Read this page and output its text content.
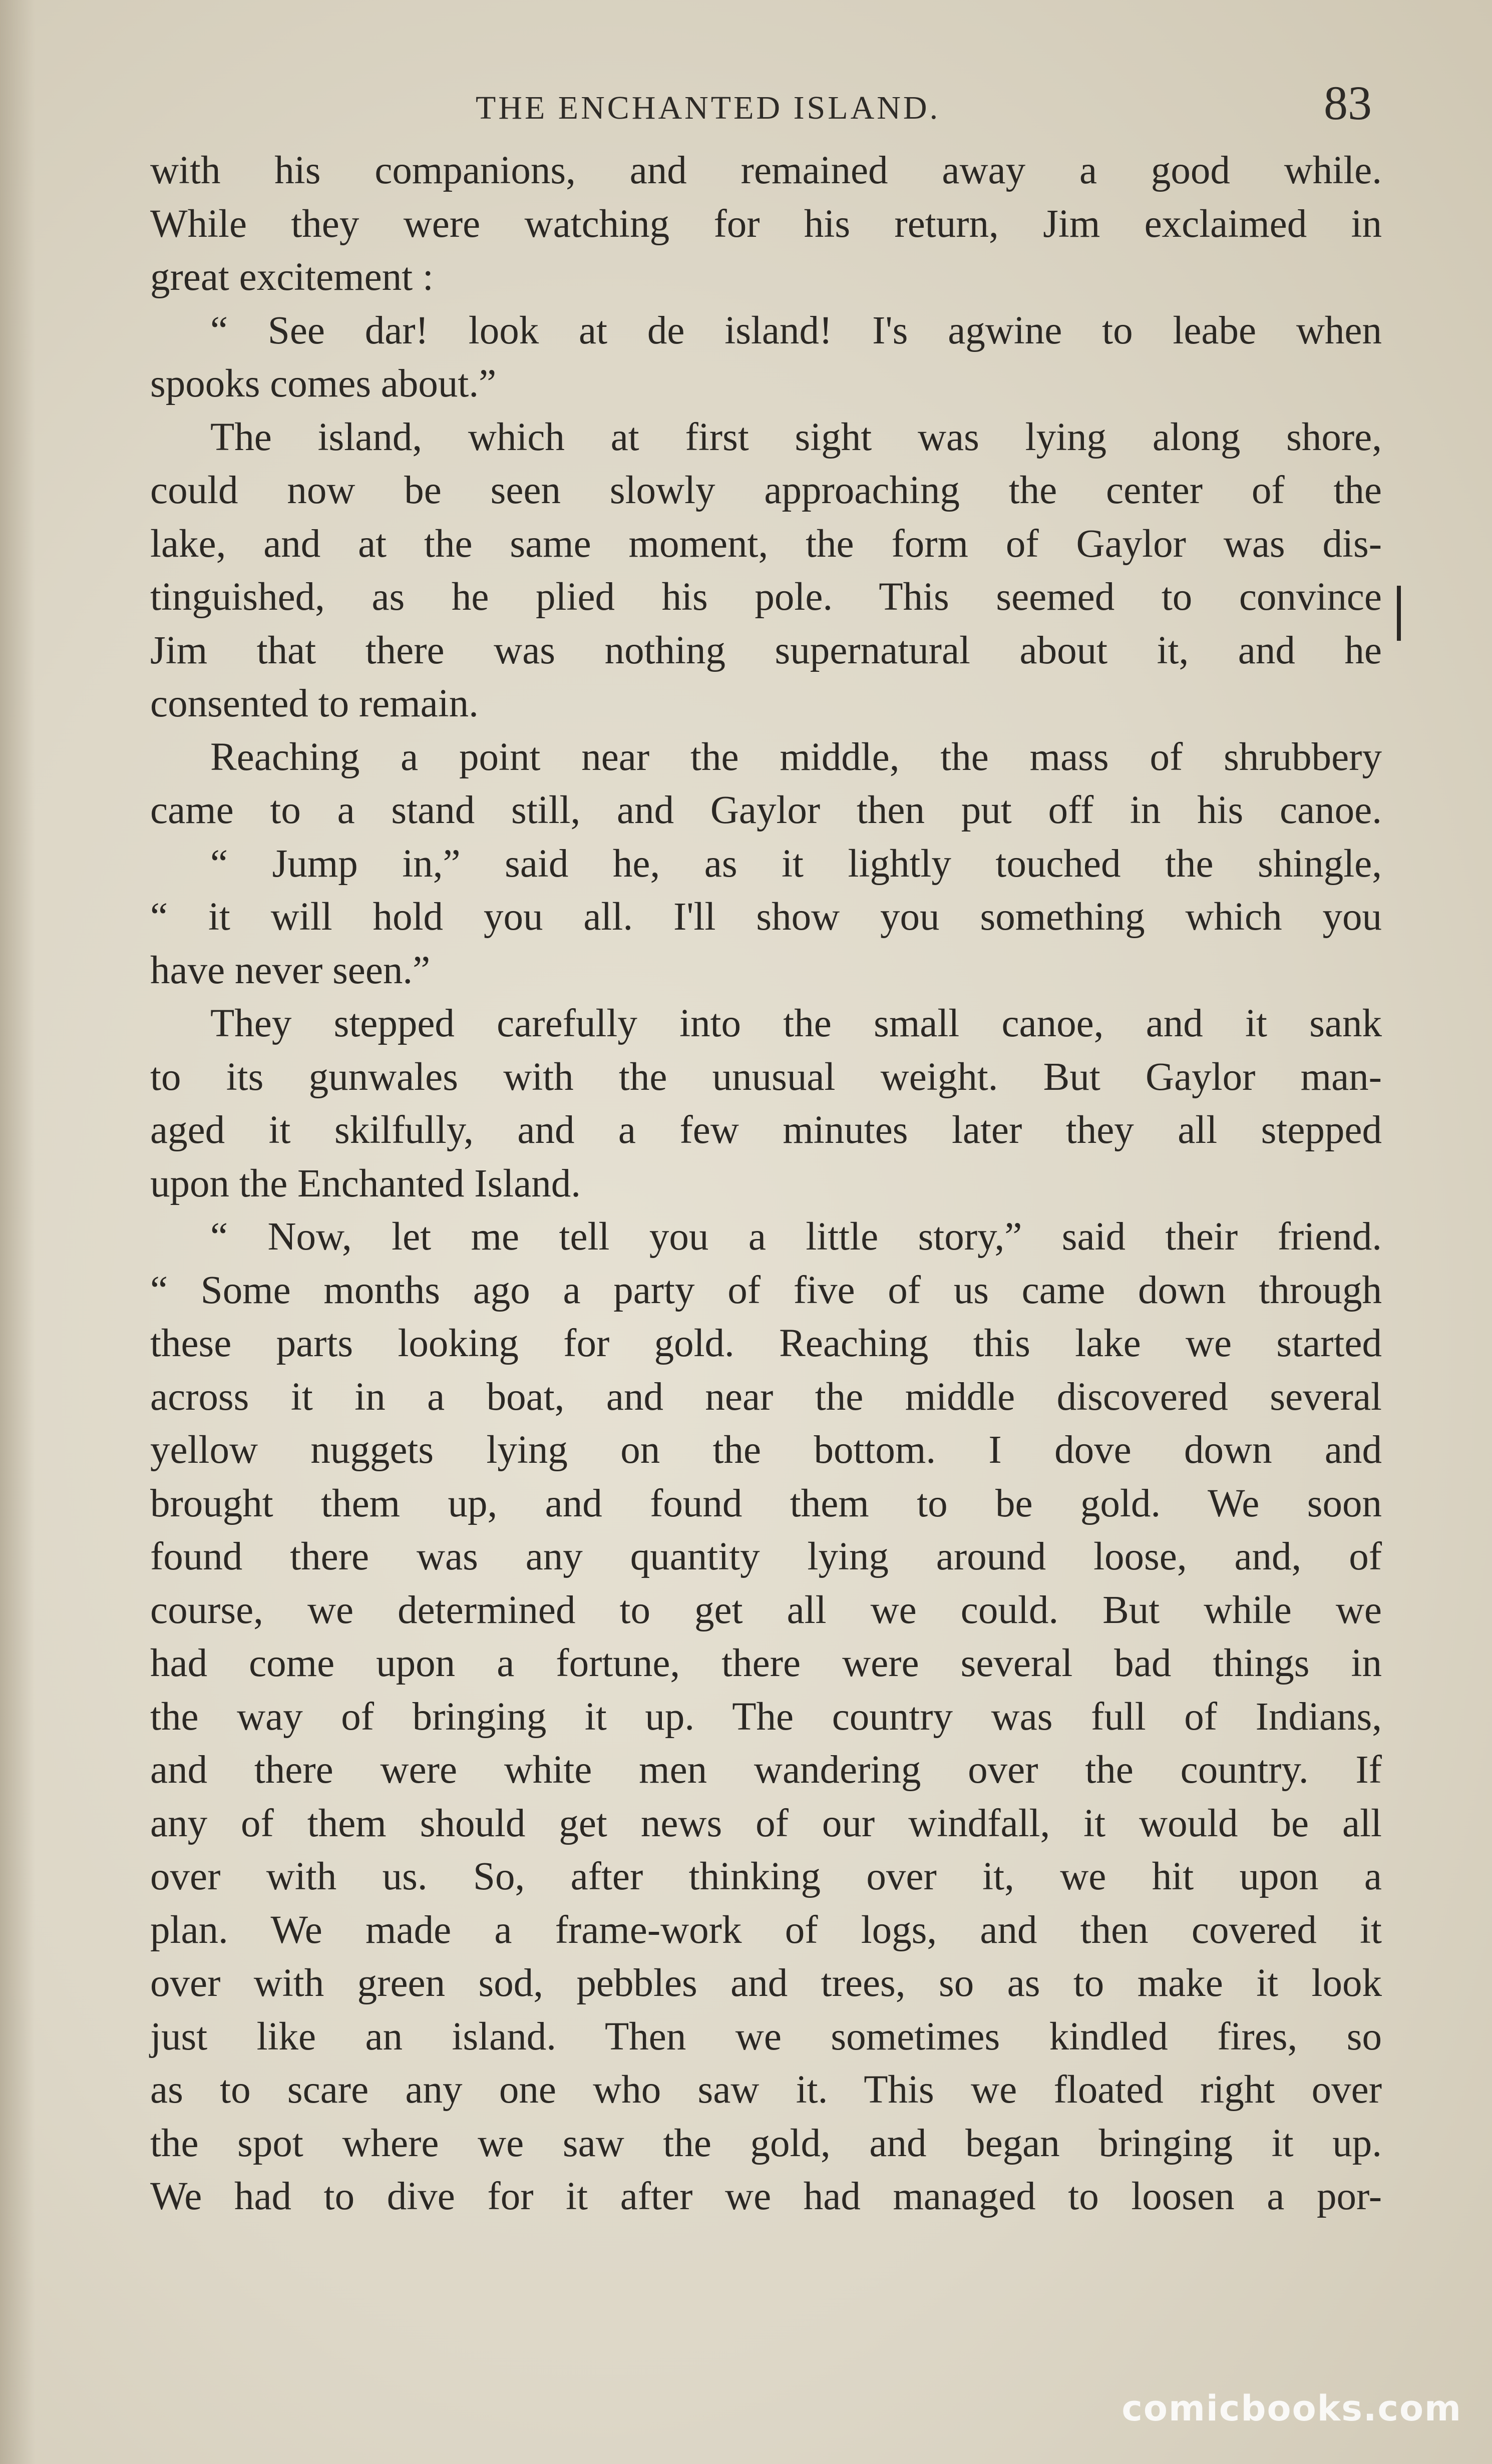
THE ENCHANTED ISLAND.	83
with his companions, and remained away a good while.
While they were watching for his return, Jim exclaimed in
great excitement :
“ See dar! look at de island! I's agwine to leabe when
spooks comes about.”
The island, which at first sight was lying along shore,
could now be seen slowly approaching the center of the
lake, and at the same moment, the form of Gaylor was dis-
tinguished, as he plied his pole. This seemed to convince
Jim that there was nothing supernatural about it, and he
consented to remain.
Reaching a point near the middle, the mass of shrubbery
came to a stand still, and Gaylor then put off in his canoe.
“ Jump in,” said he, as it lightly touched the shingle,
“ it will hold you all. I'll show you something which you
have never seen.”
They stepped carefully into the small canoe, and it sank
to its gunwales with the unusual weight. But Gaylor man-
aged it skilfully, and a few minutes later they all stepped
upon the Enchanted Island.
“ Now, let me tell you a little story,” said their friend.
“ Some months ago a party of five of us came down through
these parts looking for gold. Reaching this lake we started
across it in a boat, and near the middle discovered several
yellow nuggets lying on the bottom. I dove down and
brought them up, and found them to be gold. We soon
found there was any quantity lying around loose, and, of
course, we determined to get all we could. But while we
had come upon a fortune, there were several bad things in
the way of bringing it up. The country was full of Indians,
and there were white men wandering over the country. If
any of them should get news of our windfall, it would be all
over with us. So, after thinking over it, we hit upon a
plan. We made a frame-work of logs, and then covered it
over with green sod, pebbles and trees, so as to make it look
just like an island. Then we sometimes kindled fires, so
as to scare any one who saw it. This we floated right over
the spot where we saw the gold, and began bringing it up.
We had to dive for it after we had managed to loosen a por-
comicbooks.com
